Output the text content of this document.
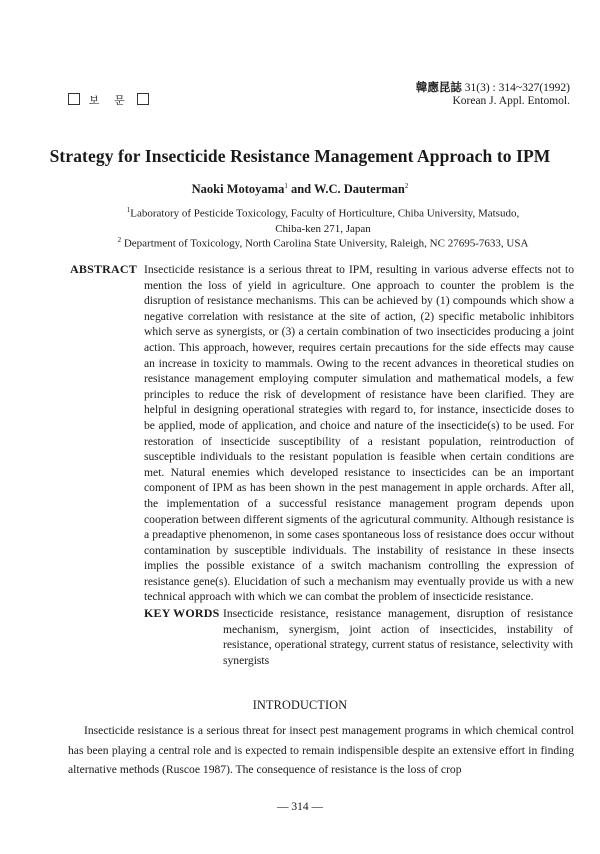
보 문
韓應昆誌 31(3) : 314~327(1992)
Korean J. Appl. Entomol.
Strategy for Insecticide Resistance Management Approach to IPM
Naoki Motoyama$^1$ and W.C. Dauterman$^2$
$^1$Laboratory of Pesticide Toxicology, Faculty of Horticulture, Chiba University, Matsudo,
Chiba-ken 271, Japan
$^2$ Department of Toxicology, North Carolina State University, Raleigh, NC 27695-7633, USA
ABSTRACT Insecticide resistance is a serious threat to IPM, resulting in various adverse effects not to mention the loss of yield in agriculture. One approach to counter the problem is the disruption of resistance mechanisms. This can be achieved by (1) compounds which show a negative correlation with resistance at the site of action, (2) specific metabolic inhibitors which serve as synergists, or (3) a certain combination of two insecticides producing a joint action. This approach, however, requires certain precautions for the side effects may cause an increase in toxicity to mammals. Owing to the recent advances in theoretical studies on resistance management employing computer simulation and mathematical models, a few principles to reduce the risk of development of resistance have been clarified. They are helpful in designing operational strategies with regard to, for instance, insecticide doses to be applied, mode of application, and choice and nature of the insecticide(s) to be used. For restoration of insecticide susceptibility of a resistant population, reintroduction of susceptible individuals to the resistant population is feasible when certain conditions are met. Natural enemies which developed resistance to insecticides can be an important component of IPM as has been shown in the pest management in apple orchards. After all, the implementation of a successful resistance management program depends upon cooperation between different sigments of the agricutural community. Although resistance is a preadaptive phenomenon, in some cases spontaneous loss of resistance does occur without contamination by susceptible individuals. The instability of resistance in these insects implies the possible existance of a switch machanism controlling the expression of resistance gene(s). Elucidation of such a mechanism may eventually provide us with a new technical approach with which we can combat the problem of insecticide resistance.
KEY WORDS Insecticide resistance, resistance management, disruption of resistance mechanism, synergism, joint action of insecticides, instability of resistance, operational strategy, current status of resistance, selectivity with synergists
INTRODUCTION
Insecticide resistance is a serious threat for insect pest management programs in which chemical control has been playing a central role and is expected to remain indispensible despite an extensive effort in finding alternative methods (Ruscoe 1987). The consequence of resistance is the loss of crop
— 314 —
